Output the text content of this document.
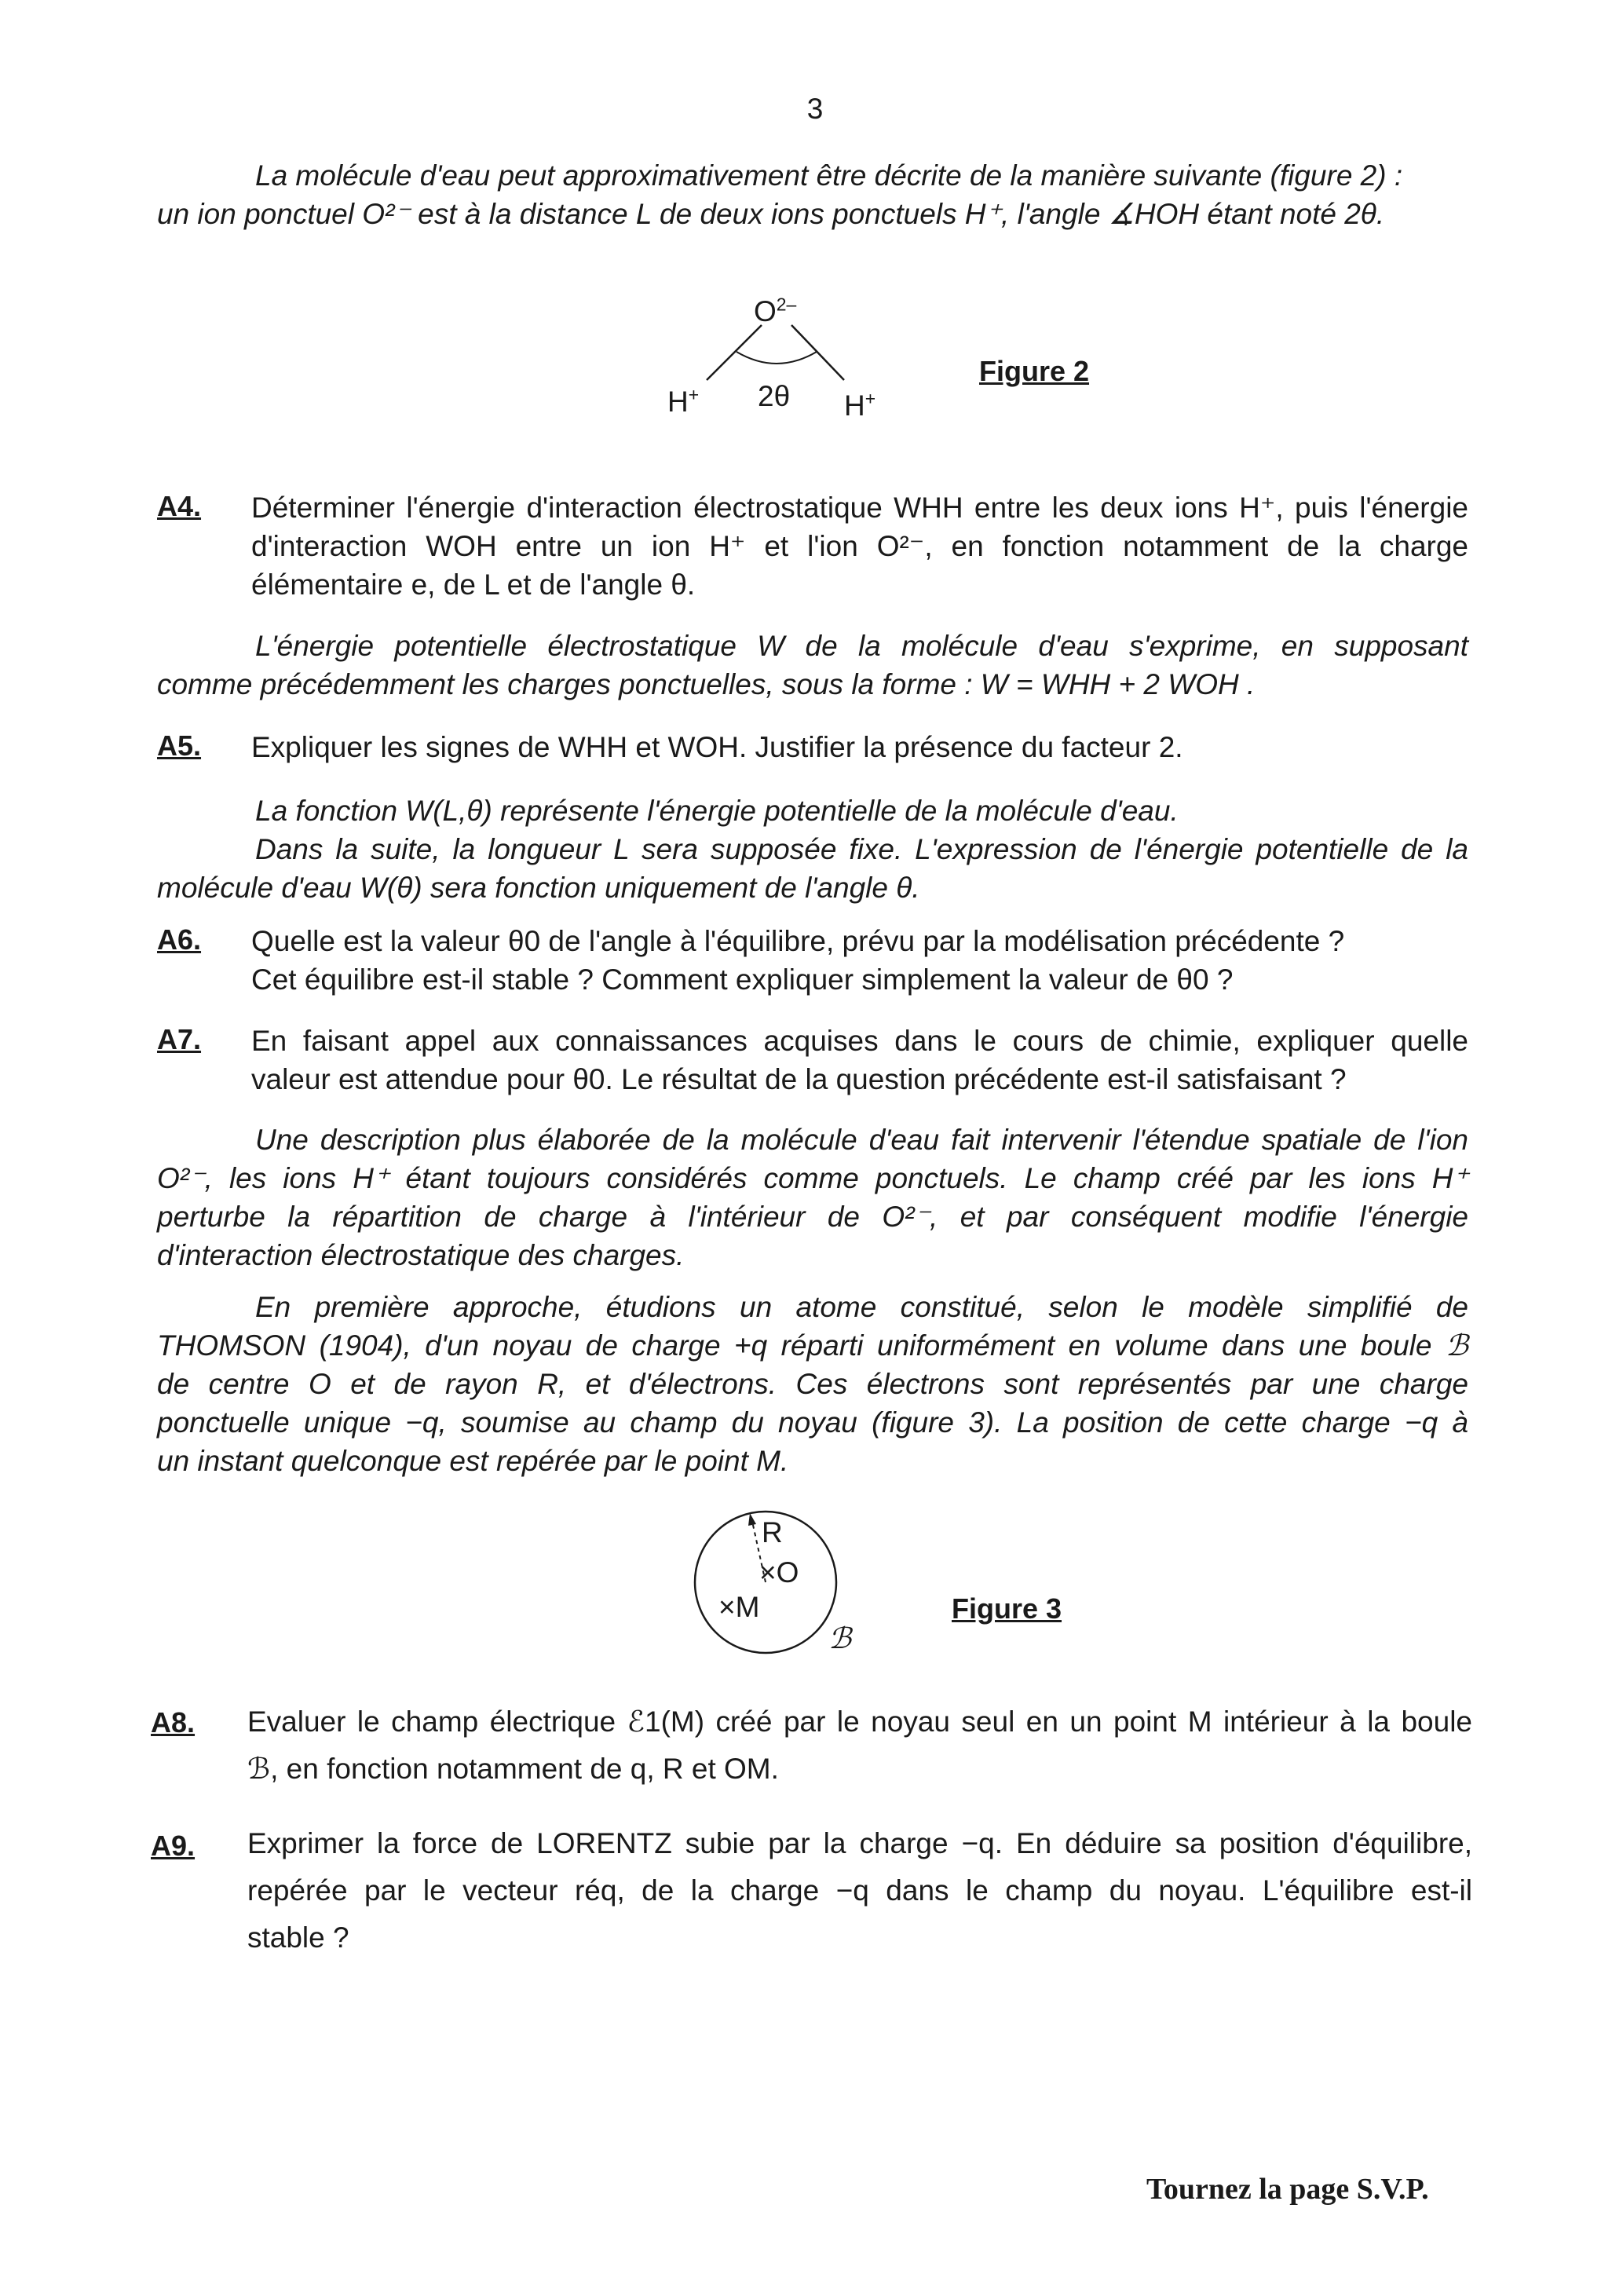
3
La molécule d'eau peut approximativement être décrite de la manière suivante (figure 2) :
un ion ponctuel O²⁻ est à la distance L de deux ions ponctuels H⁺, l'angle ∡HOH étant noté 2θ.
$O^{2-}$
H+ 2θ H+
Figure 2
A4. Déterminer l'énergie d'interaction électrostatique WHH entre les deux ions H⁺, puis l'énergie
d'interaction WOH entre un ion H⁺ et l'ion O²⁻, en fonction notamment de la charge
élémentaire e, de L et de l'angle θ.
L'énergie potentielle électrostatique W de la molécule d'eau s'exprime, en supposant
comme précédemment les charges ponctuelles, sous la forme : W = WHH + 2 WOH .
A5. Expliquer les signes de WHH et WOH. Justifier la présence du facteur 2.
La fonction W(L,θ) représente l'énergie potentielle de la molécule d'eau.
Dans la suite, la longueur L sera supposée fixe. L'expression de l'énergie potentielle de la
molécule d'eau W(θ) sera fonction uniquement de l'angle θ.
A6. Quelle est la valeur θ0 de l'angle à l'équilibre, prévu par la modélisation précédente ?
Cet équilibre est-il stable ? Comment expliquer simplement la valeur de θ0 ?
A7. En faisant appel aux connaissances acquises dans le cours de chimie, expliquer quelle
valeur est attendue pour θ0. Le résultat de la question précédente est-il satisfaisant ?
Une description plus élaborée de la molécule d'eau fait intervenir l'étendue spatiale de l'ion
O²⁻, les ions H⁺ étant toujours considérés comme ponctuels. Le champ créé par les ions H⁺
perturbe la répartition de charge à l'intérieur de O²⁻, et par conséquent modifie l'énergie
d'interaction électrostatique des charges.
En première approche, étudions un atome constitué, selon le modèle simplifié de
THOMSON (1904), d'un noyau de charge +q réparti uniformément en volume dans une boule ℬ
de centre O et de rayon R, et d'électrons. Ces électrons sont représentés par une charge
ponctuelle unique −q, soumise au champ du noyau (figure 3). La position de cette charge −q à
un instant quelconque est repérée par le point M.
R
×O
×M
ℬ
Figure 3
A8. Evaluer le champ électrique ℰ1(M) créé par le noyau seul en un point M intérieur à la boule
ℬ, en fonction notamment de q, R et OM.
A9. Exprimer la force de LORENTZ subie par la charge −q. En déduire sa position d'équilibre,
repérée par le vecteur réq, de la charge −q dans le champ du noyau. L'équilibre est-il
stable ?
Tournez la page S.V.P.
